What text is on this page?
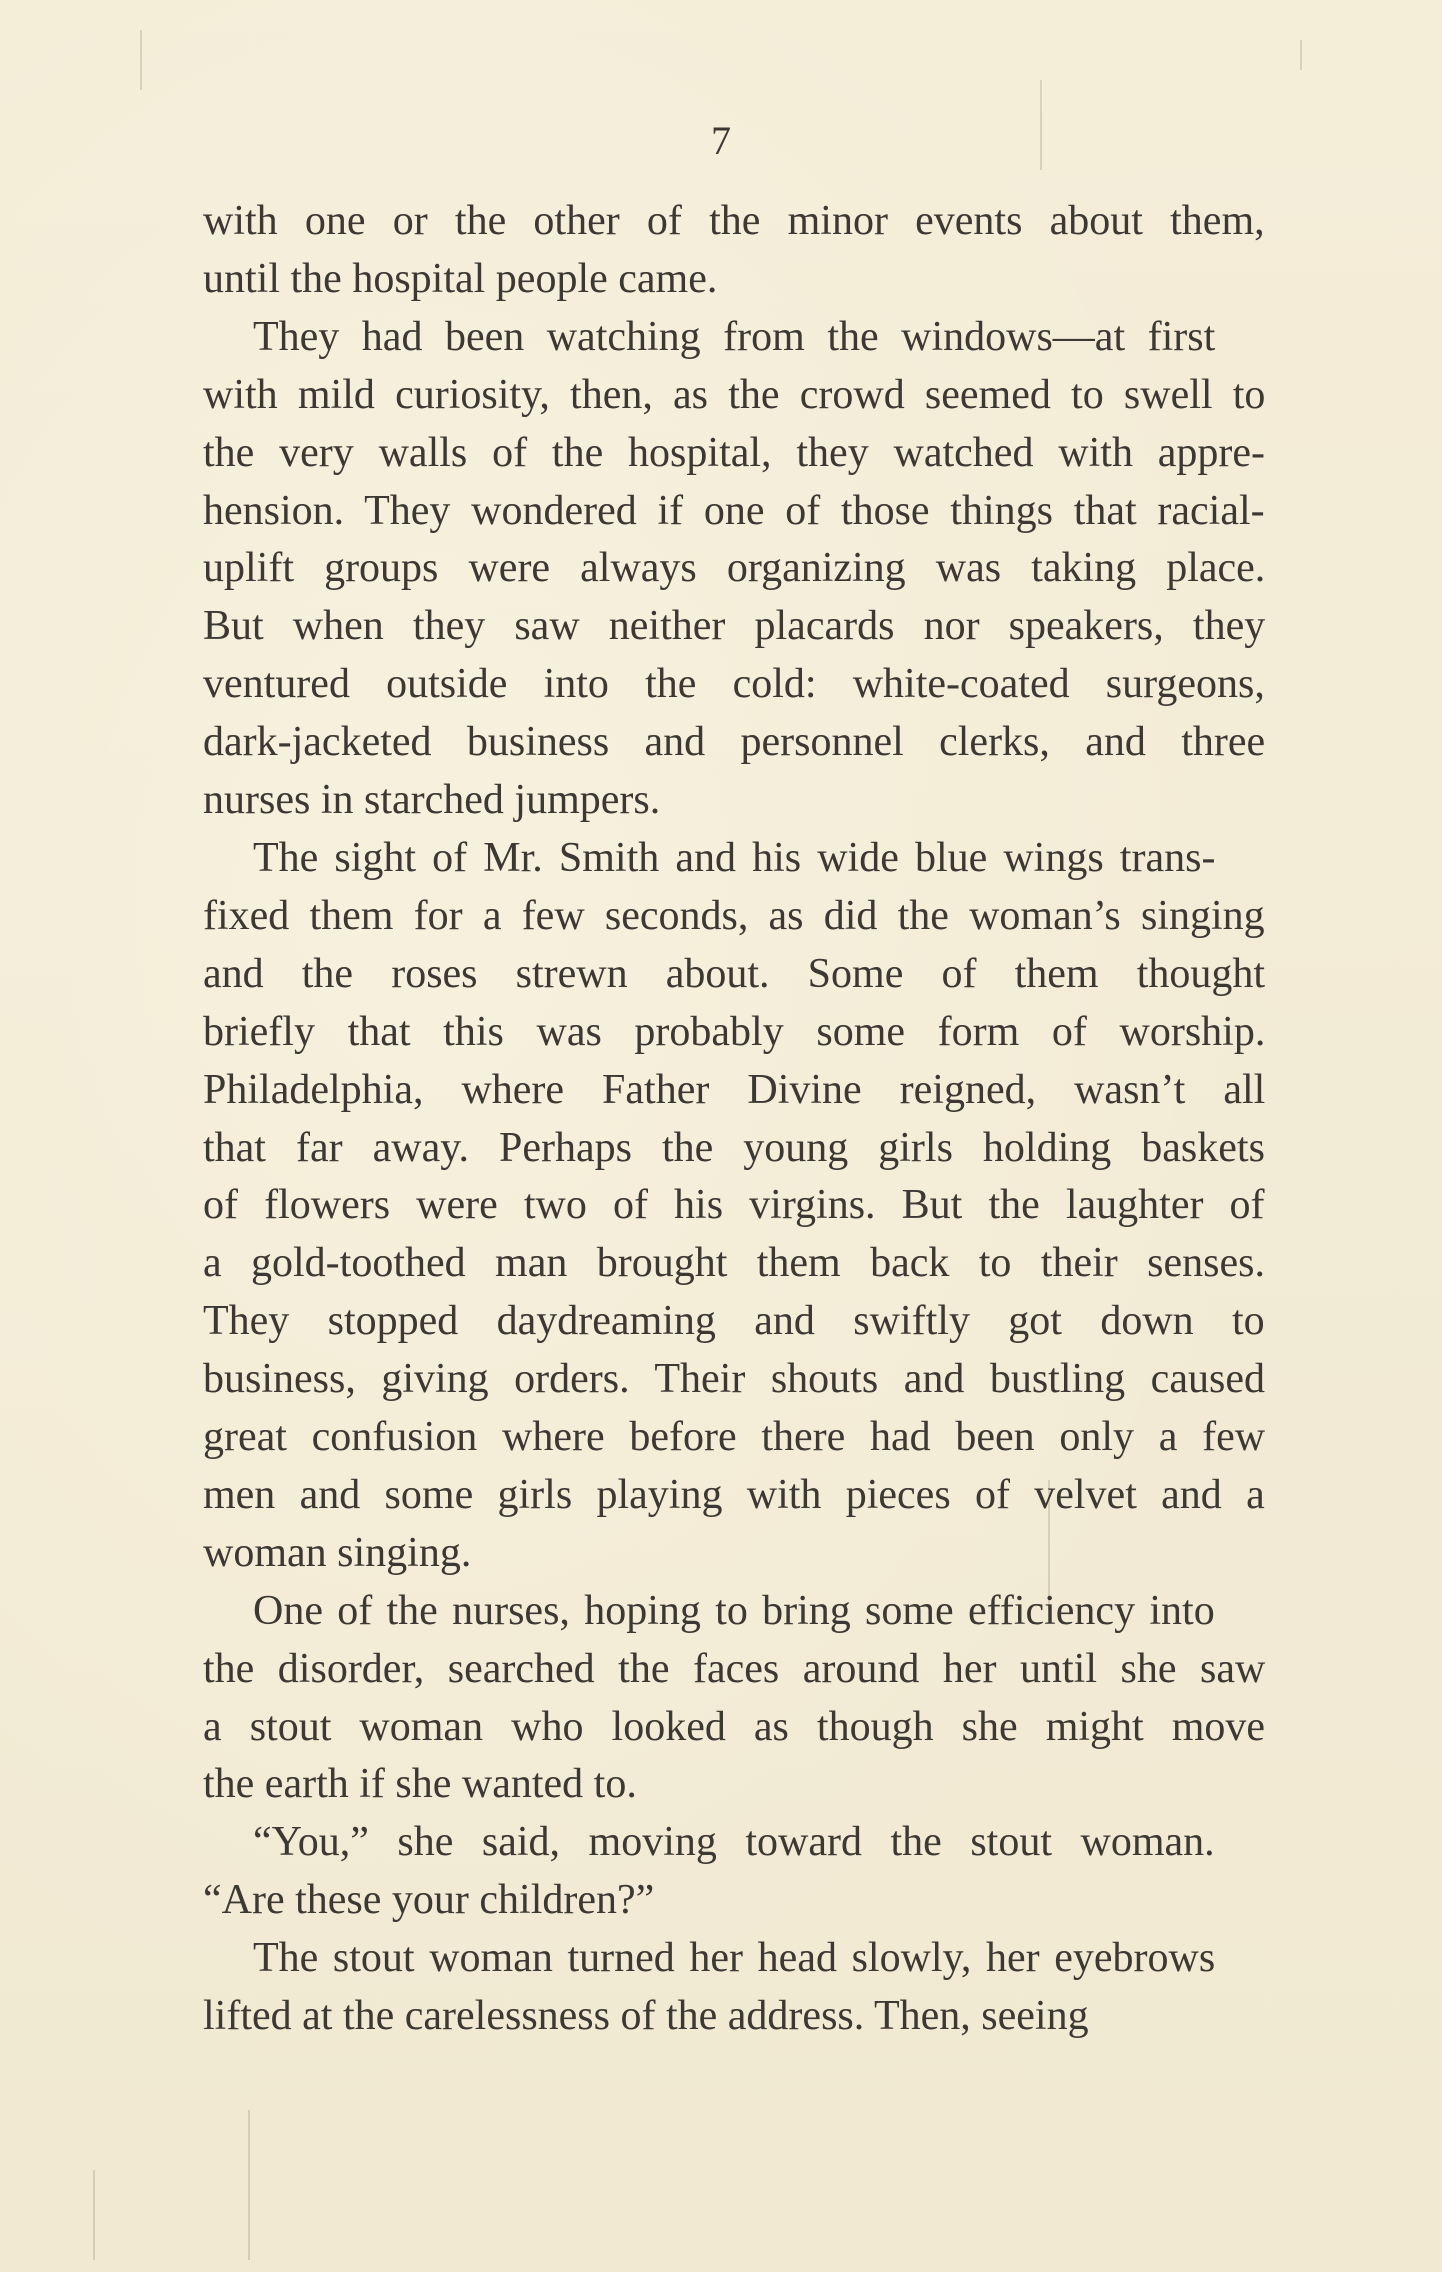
7

with one or the other of the minor events about them,
until the hospital people came.

They had been watching from the windows—at first
with mild curiosity, then, as the crowd seemed to swell to
the very walls of the hospital, they watched with appre-
hension. They wondered if one of those things that racial-
uplift groups were always organizing was taking place.
But when they saw neither placards nor speakers, they
ventured outside into the cold: white-coated surgeons,
dark-jacketed business and personnel clerks, and three
nurses in starched jumpers.

The sight of Mr. Smith and his wide blue wings trans-
fixed them for a few seconds, as did the woman’s singing
and the roses strewn about. Some of them thought
briefly that this was probably some form of worship.
Philadelphia, where Father Divine reigned, wasn’t all
that far away. Perhaps the young girls holding baskets
of flowers were two of his virgins. But the laughter of
a gold-toothed man brought them back to their senses.
They stopped daydreaming and swiftly got down to
business, giving orders. Their shouts and bustling caused
great confusion where before there had been only a few
men and some girls playing with pieces of velvet and a
woman singing.

One of the nurses, hoping to bring some efficiency into
the disorder, searched the faces around her until she saw
a stout woman who looked as though she might move
the earth if she wanted to.

“You,” she said, moving toward the stout woman.
“Are these your children?”

The stout woman turned her head slowly, her eyebrows
lifted at the carelessness of the address. Then, seeing
